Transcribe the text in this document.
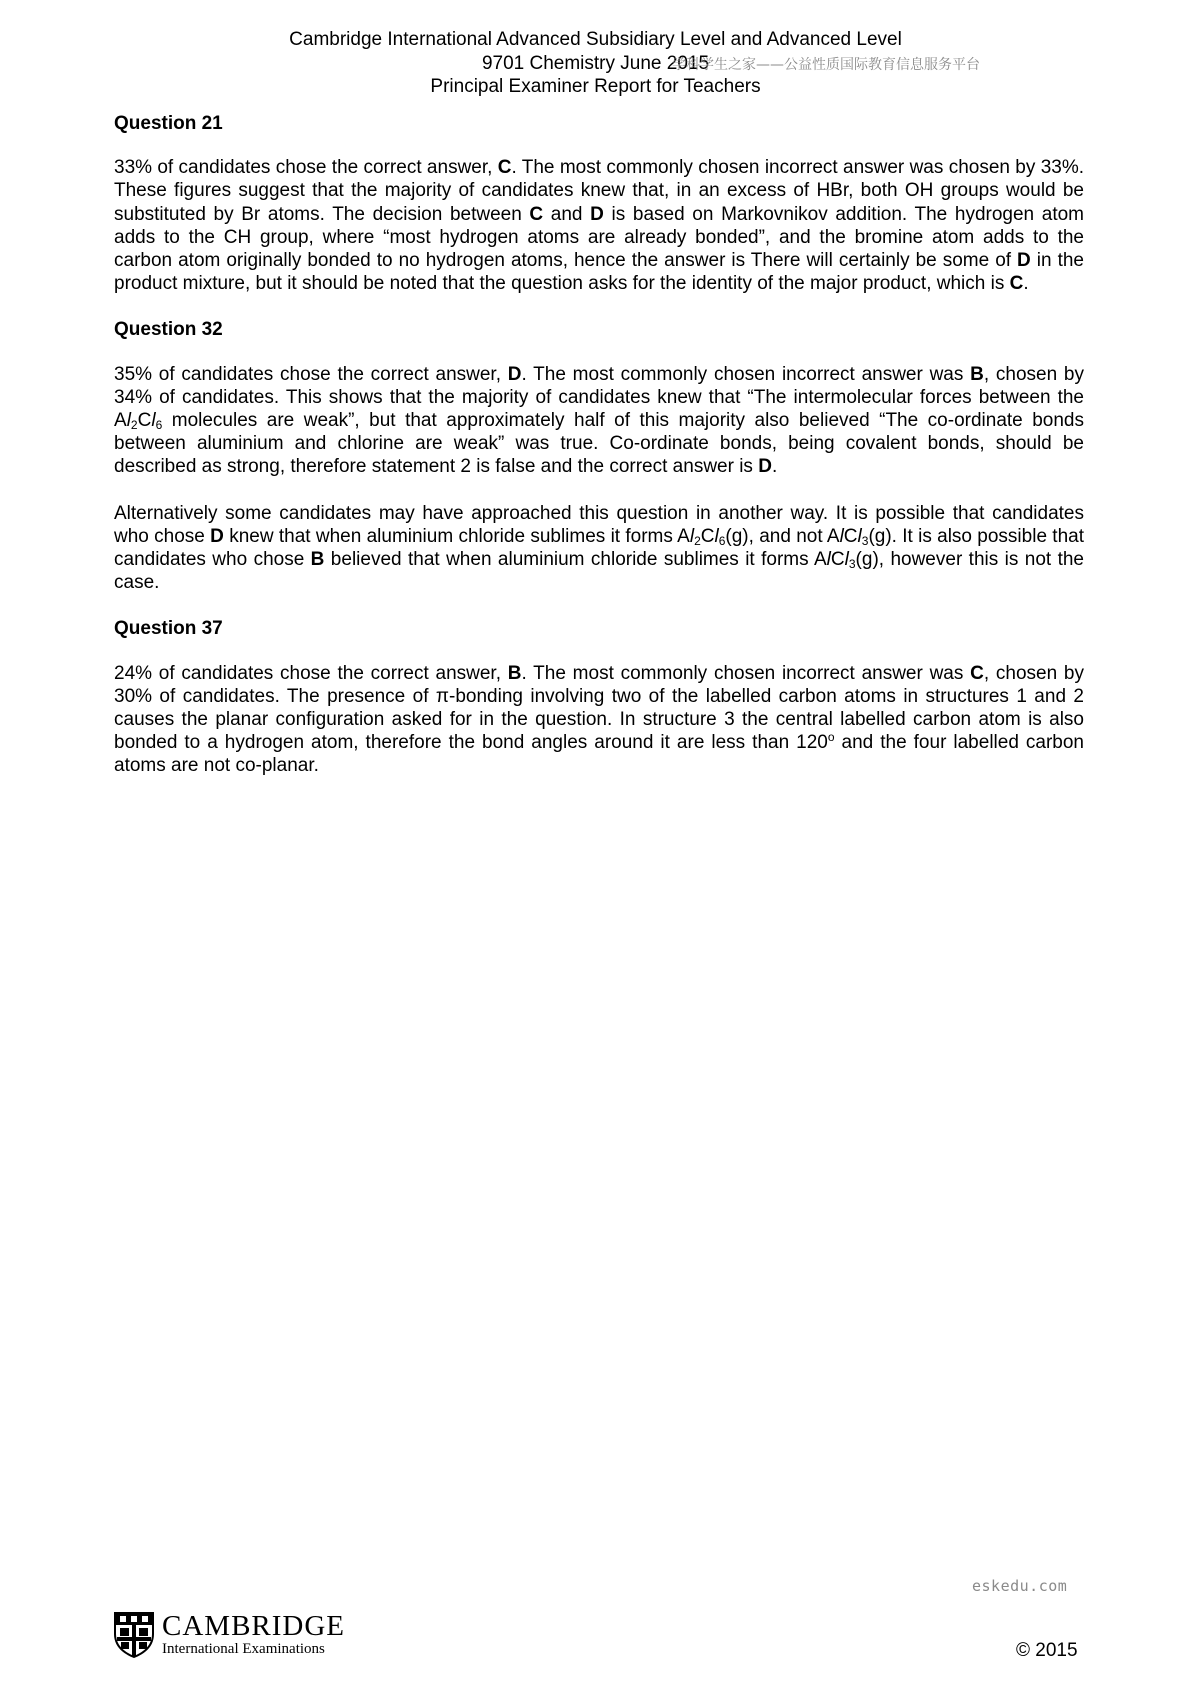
Cambridge International Advanced Subsidiary Level and Advanced Level
9701 Chemistry June 2015
Principal Examiner Report for Teachers
学科学生之家——公益性质国际教育信息服务平台
Question 21
33% of candidates chose the correct answer, C. The most commonly chosen incorrect answer was chosen by 33%. These figures suggest that the majority of candidates knew that, in an excess of HBr, both OH groups would be substituted by Br atoms. The decision between C and D is based on Markovnikov addition. The hydrogen atom adds to the CH group, where “most hydrogen atoms are already bonded”, and the bromine atom adds to the carbon atom originally bonded to no hydrogen atoms, hence the answer is There will certainly be some of D in the product mixture, but it should be noted that the question asks for the identity of the major product, which is C.
Question 32
35% of candidates chose the correct answer, D. The most commonly chosen incorrect answer was B, chosen by 34% of candidates. This shows that the majority of candidates knew that “The intermolecular forces between the $Al_2Cl_6$ molecules are weak”, but that approximately half of this majority also believed “The co-ordinate bonds between aluminium and chlorine are weak” was true. Co-ordinate bonds, being covalent bonds, should be described as strong, therefore statement 2 is false and the correct answer is D.
Alternatively some candidates may have approached this question in another way. It is possible that candidates who chose D knew that when aluminium chloride sublimes it forms $Al_2Cl_6(g)$, and not AlCl$_3$(g). It is also possible that candidates who chose B believed that when aluminium chloride sublimes it forms AlCl$_3$(g), however this is not the case.
Question 37
24% of candidates chose the correct answer, B. The most commonly chosen incorrect answer was C, chosen by 30% of candidates. The presence of π-bonding involving two of the labelled carbon atoms in structures 1 and 2 causes the planar configuration asked for in the question. In structure 3 the central labelled carbon atom is also bonded to a hydrogen atom, therefore the bond angles around it are less than 120$^o$ and the four labelled carbon atoms are not co-planar.
eskedu.com
CAMBRIDGE
International Examinations	© 2015
